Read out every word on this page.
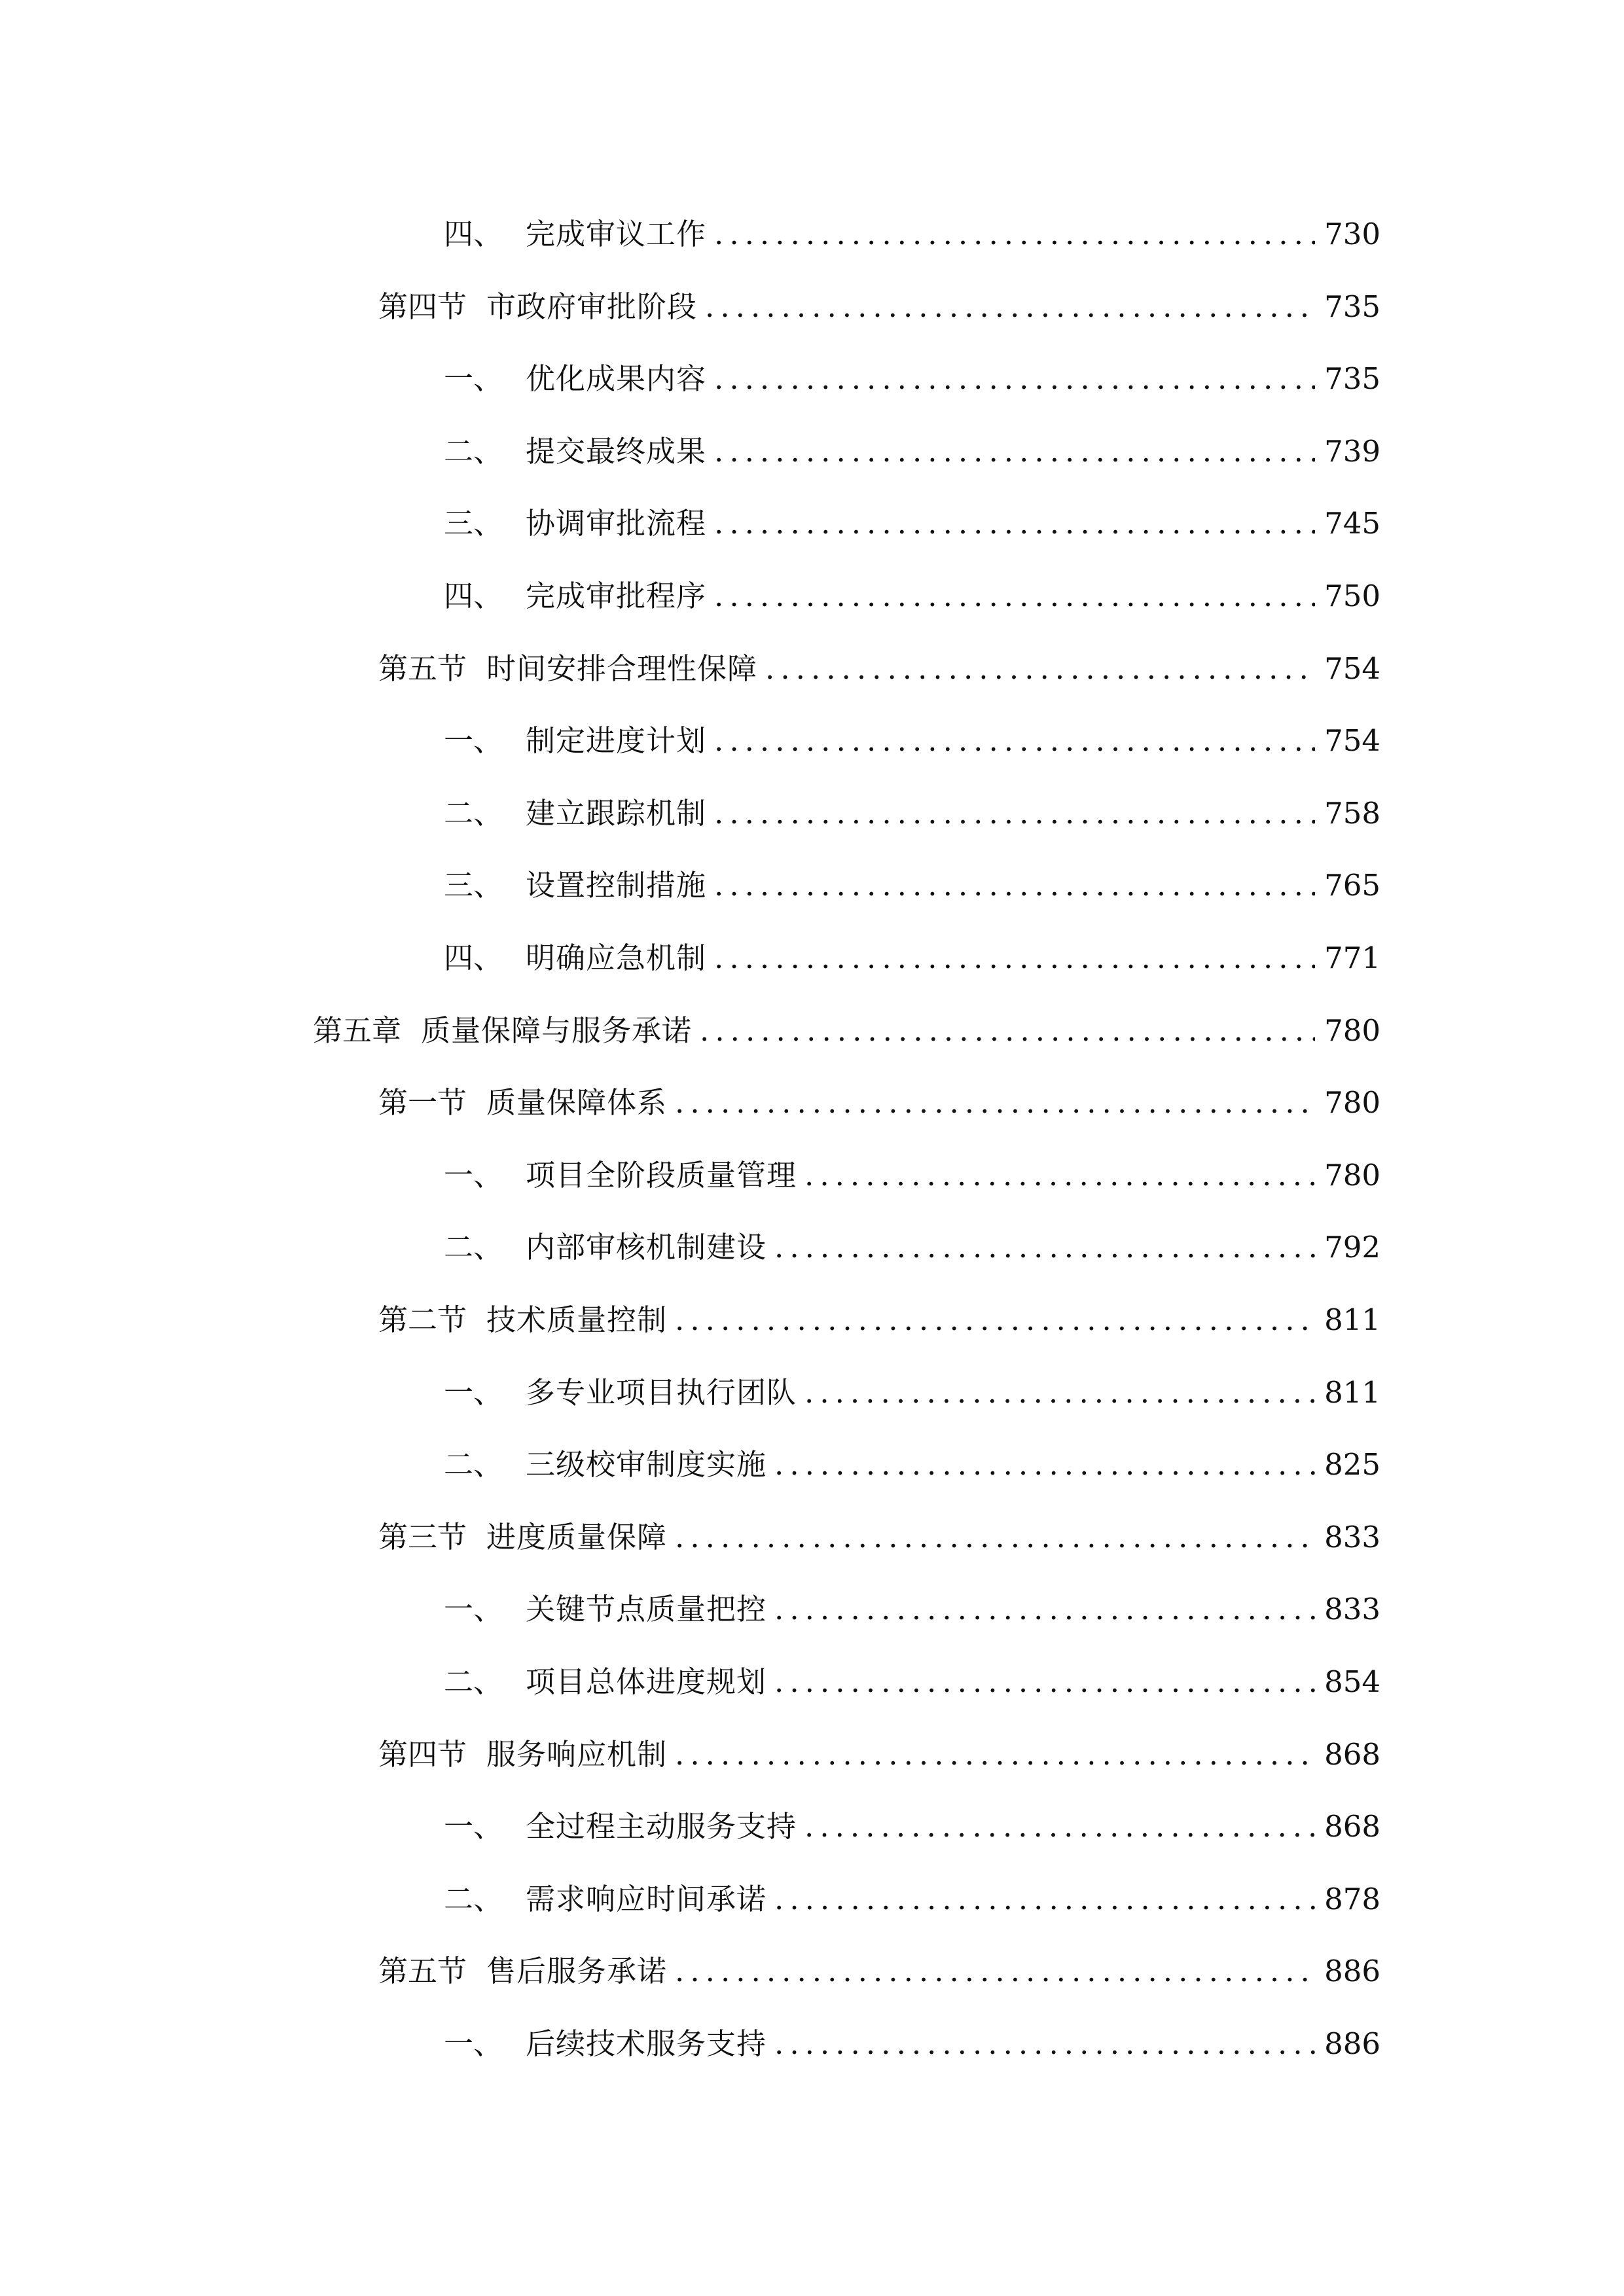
四、 完成审议工作 .....	730
第四节 市政府审批阶段 .....	735
一、 优化成果内容 .....	735
二、 提交最终成果 .....	739
三、 协调审批流程 .....	745
四、 完成审批程序 .....	750
第五节 时间安排合理性保障 .....	754
一、 制定进度计划 .....	754
二、 建立跟踪机制 .....	758
三、 设置控制措施 .....	765
四、 明确应急机制 .....	771
第五章 质量保障与服务承诺 .....	780
第一节 质量保障体系 .....	780
一、 项目全阶段质量管理 .....	780
二、 内部审核机制建设 .....	792
第二节 技术质量控制 .....	811
一、 多专业项目执行团队 .....	811
二、 三级校审制度实施 .....	825
第三节 进度质量保障 .....	833
一、 关键节点质量把控 .....	833
二、 项目总体进度规划 .....	854
第四节 服务响应机制 .....	868
一、 全过程主动服务支持 .....	868
二、 需求响应时间承诺 .....	878
第五节 售后服务承诺 .....	886
一、 后续技术服务支持 .....	886
